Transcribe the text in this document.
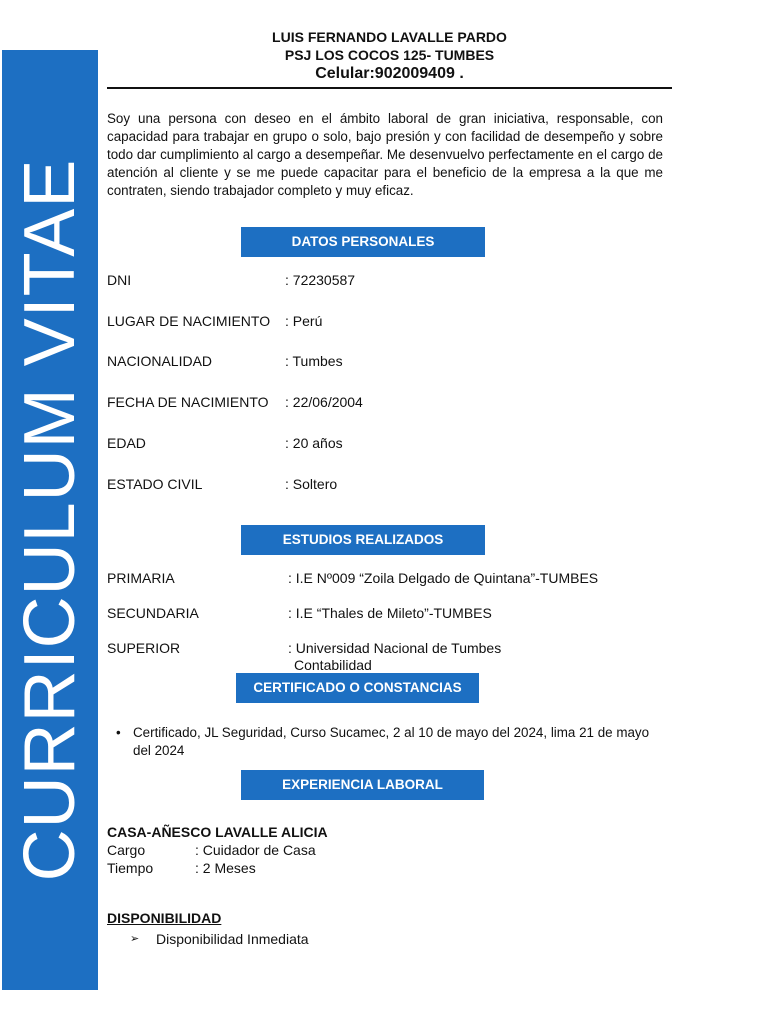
CURRICULUM VITAE
LUIS FERNANDO LAVALLE PARDO
PSJ LOS COCOS 125- TUMBES
Celular:902009409 .
Soy una persona con deseo en el ámbito laboral de gran iniciativa, responsable, con capacidad para trabajar en grupo o solo, bajo presión y con facilidad de desempeño y sobre todo dar cumplimiento al cargo a desempeñar. Me desenvuelvo perfectamente en el cargo de atención al cliente y se me puede capacitar para el beneficio de la empresa a la que me contraten, siendo trabajador completo y muy eficaz.
DATOS PERSONALES
DNI	: 72230587
LUGAR DE NACIMIENTO : Perú
NACIONALIDAD	: Tumbes
FECHA DE NACIMIENTO : 22/06/2004
EDAD	: 20 años
ESTADO CIVIL	: Soltero
ESTUDIOS REALIZADOS
PRIMARIA	: I.E Nº009 “Zoila Delgado de Quintana”-TUMBES
SECUNDARIA	: I.E “Thales de Mileto”-TUMBES
SUPERIOR	: Universidad Nacional de Tumbes
Contabilidad
CERTIFICADO O CONSTANCIAS
• Certificado, JL Seguridad, Curso Sucamec, 2 al 10 de mayo del 2024, lima 21 de mayo del 2024
EXPERIENCIA LABORAL
CASA-AÑESCO LAVALLE ALICIA
Cargo	: Cuidador de Casa
Tiempo	: 2 Meses
DISPONIBILIDAD
➢ Disponibilidad Inmediata
